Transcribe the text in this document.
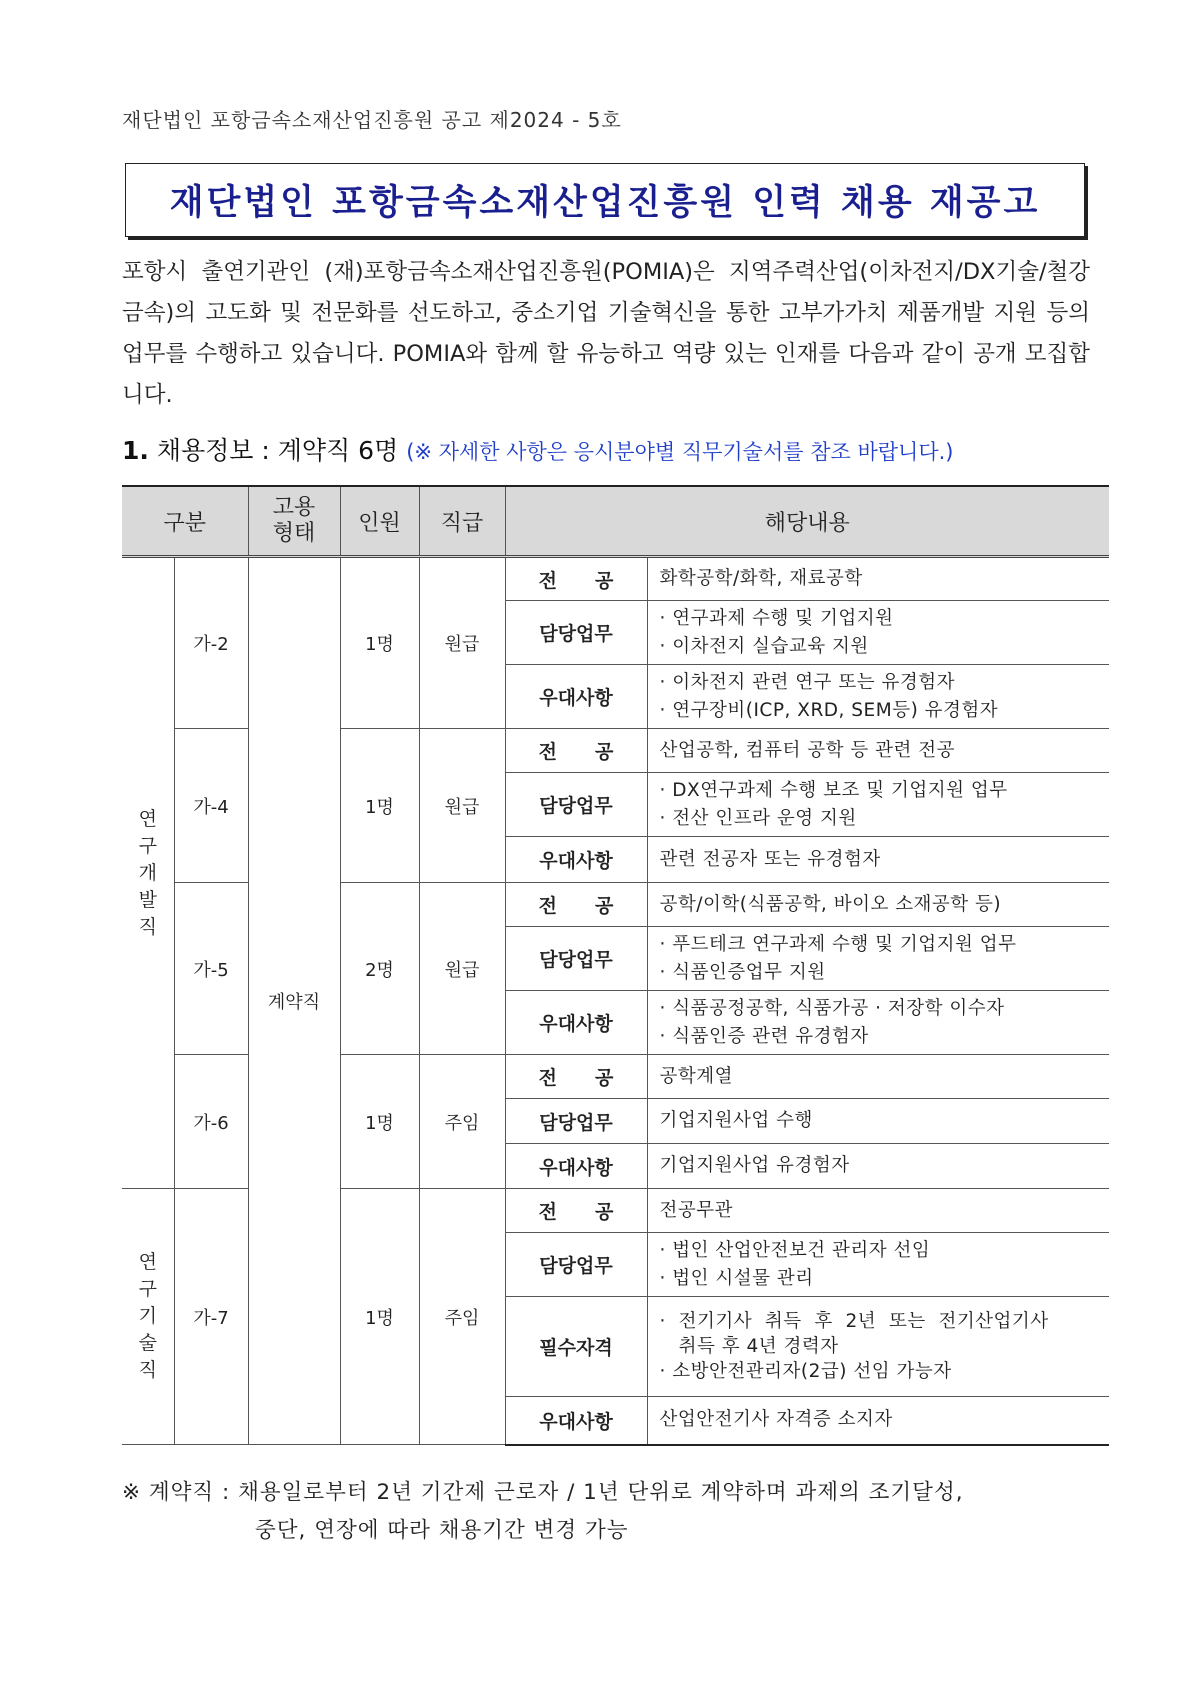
재단법인 포항금속소재산업진흥원 공고 제2024 - 5호
재단법인 포항금속소재산업진흥원 인력 채용 재공고
포항시 출연기관인 (재)포항금속소재산업진흥원(POMIA)은 지역주력산업(이차전지/DX기술/철강금속)의 고도화 및 전문화를 선도하고, 중소기업 기술혁신을 통한 고부가가치 제품개발 지원 등의 업무를 수행하고 있습니다. POMIA와 함께 할 유능하고 역량 있는 인재를 다음과 같이 공개 모집합니다.
1. 채용정보 : 계약직 6명 (※ 자세한 사항은 응시분야별 직무기술서를 참조 바랍니다.)
구분		고용
형태	인원	직급	해당내용	
연
구
개
발
직	가-2	계약직	1명	원급	전　　공	화학공학/화학, 재료공학

					담당업무	· 연구과제 수행 및 기업지원
· 이차전지 실습교육 지원

					우대사항	· 이차전지 관련 연구 또는 유경험자
· 연구장비(ICP, XRD, SEM등) 유경험자

	가-4		1명	원급	전　　공	산업공학, 컴퓨터 공학 등 관련 전공

					담당업무	· DX연구과제 수행 보조 및 기업지원 업무
· 전산 인프라 운영 지원

					우대사항	관련 전공자 또는 유경험자

	가-5		2명	원급	전　　공	공학/이학(식품공학, 바이오 소재공학 등)

					담당업무	· 푸드테크 연구과제 수행 및 기업지원 업무
· 식품인증업무 지원

					우대사항	· 식품공정공학, 식품가공 · 저장학 이수자
· 식품인증 관련 유경험자

	가-6		1명	주임	전　　공	공학계열

					담당업무	기업지원사업 수행

					우대사항	기업지원사업 유경험자

연
구
기
술
직	가-7		1명	주임	전　　공	전공무관

					담당업무	· 법인 산업안전보건 관리자 선임
· 법인 시설물 관리

					필수자격	·  전기기사  취득  후  2년  또는  전기산업기사
취득 후 4년 경력자
· 소방안전관리자(2급) 선임 가능자

					우대사항	산업안전기사 자격증 소지자
※ 계약직 : 채용일로부터 2년 기간제 근로자 / 1년 단위로 계약하며 과제의 조기달성,
중단, 연장에 따라 채용기간 변경 가능
